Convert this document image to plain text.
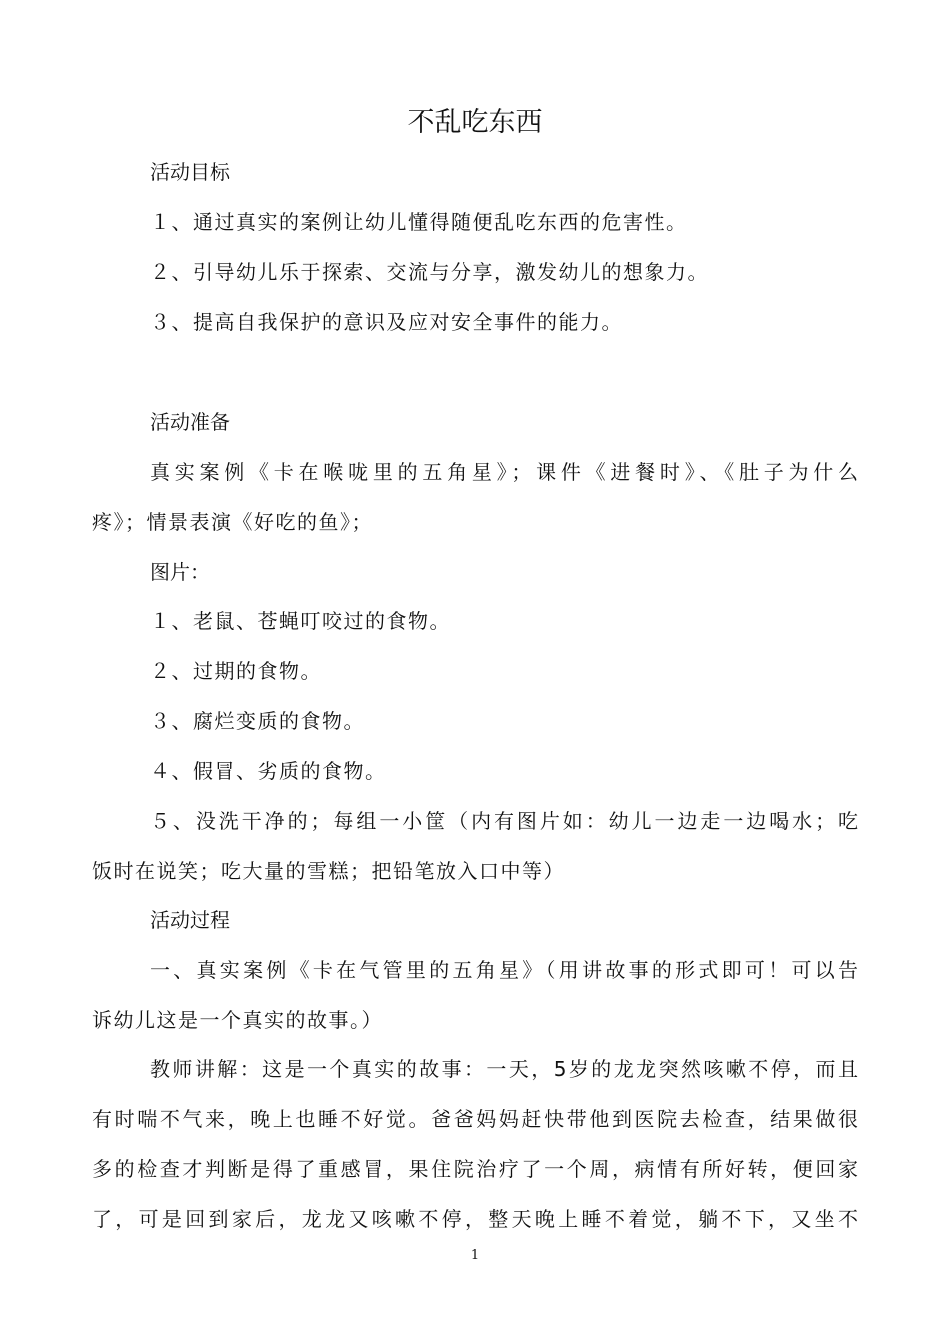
不乱吃东西

活动目标

１、通过真实的案例让幼儿懂得随便乱吃东西的危害性。

２、引导幼儿乐于探索、交流与分享，激发幼儿的想象力。

３、提高自我保护的意识及应对安全事件的能力。

活动准备

真实案例《卡在喉咙里的五角星》；课件《进餐时》、《肚子为什么

疼》；情景表演《好吃的鱼》；

图片：

１、老鼠、苍蝇叮咬过的食物。

２、过期的食物。

３、腐烂变质的食物。

４、假冒、劣质的食物。

５、没洗干净的；每组一小筐（内有图片如：幼儿一边走一边喝水；吃

饭时在说笑；吃大量的雪糕；把铅笔放入口中等）

活动过程

一、真实案例《卡在气管里的五角星》（用讲故事的形式即可！可以告

诉幼儿这是一个真实的故事。）

教师讲解：这是一个真实的故事：一天，5岁的龙龙突然咳嗽不停，而且

有时喘不气来，晚上也睡不好觉。爸爸妈妈赶快带他到医院去检查，结果做很

多的检查才判断是得了重感冒，果住院治疗了一个周，病情有所好转，便回家

了，可是回到家后，龙龙又咳嗽不停，整天晚上睡不着觉，躺不下，又坐不

1
